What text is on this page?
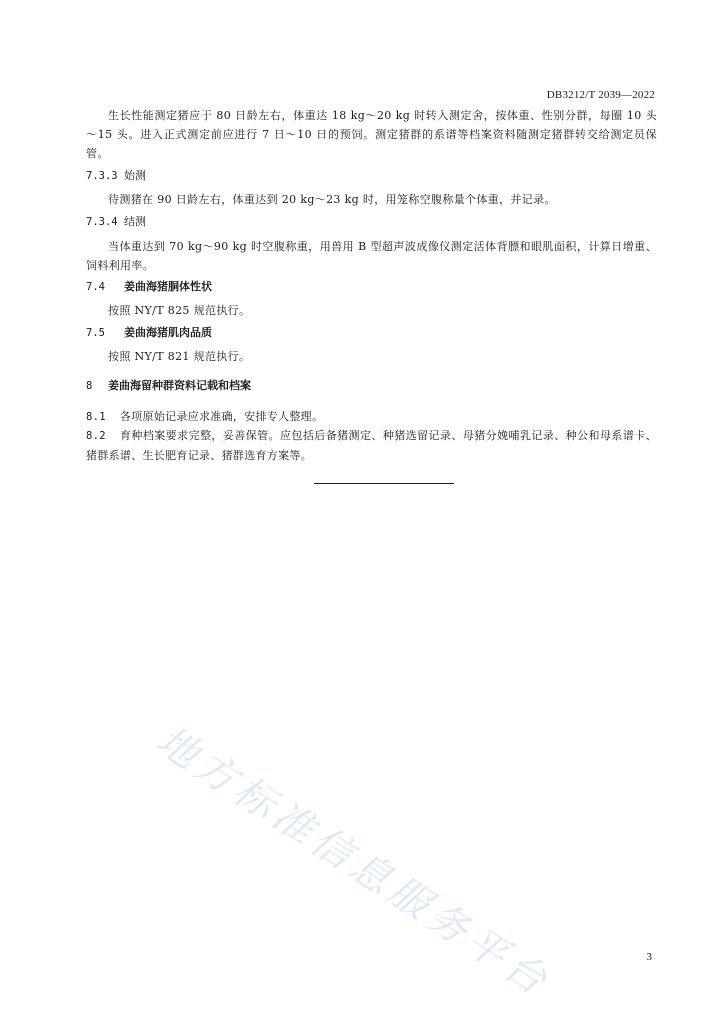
DB3212/T 2039—2022

生长性能测定猪应于 80 日龄左右，体重达 18 kg～20 kg 时转入测定舍，按体重、性别分群，每圈 10 头～15 头。进入正式测定前应进行 7 日～10 日的预饲。测定猪群的系谱等档案资料随测定猪群转交给测定员保管。

7.3.3 始测

待测猪在 90 日龄左右，体重达到 20 kg～23 kg 时，用笼称空腹称量个体重，并记录。

7.3.4 结测

当体重达到 70 kg～90 kg 时空腹称重，用兽用 B 型超声波成像仪测定活体背膘和眼肌面积，计算日增重、饲料利用率。

7.4 姜曲海猪胴体性状

按照 NY/T 825 规范执行。

7.5 姜曲海猪肌肉品质

按照 NY/T 821 规范执行。

8 姜曲海留种群资料记载和档案

8.1 各项原始记录应求准确，安排专人整理。

8.2 育种档案要求完整，妥善保管。应包括后备猪测定、种猪选留记录、母猪分娩哺乳记录、种公和母系谱卡、猪群系谱、生长肥育记录、猪群选育方案等。

地方标准信息服务平台	3
